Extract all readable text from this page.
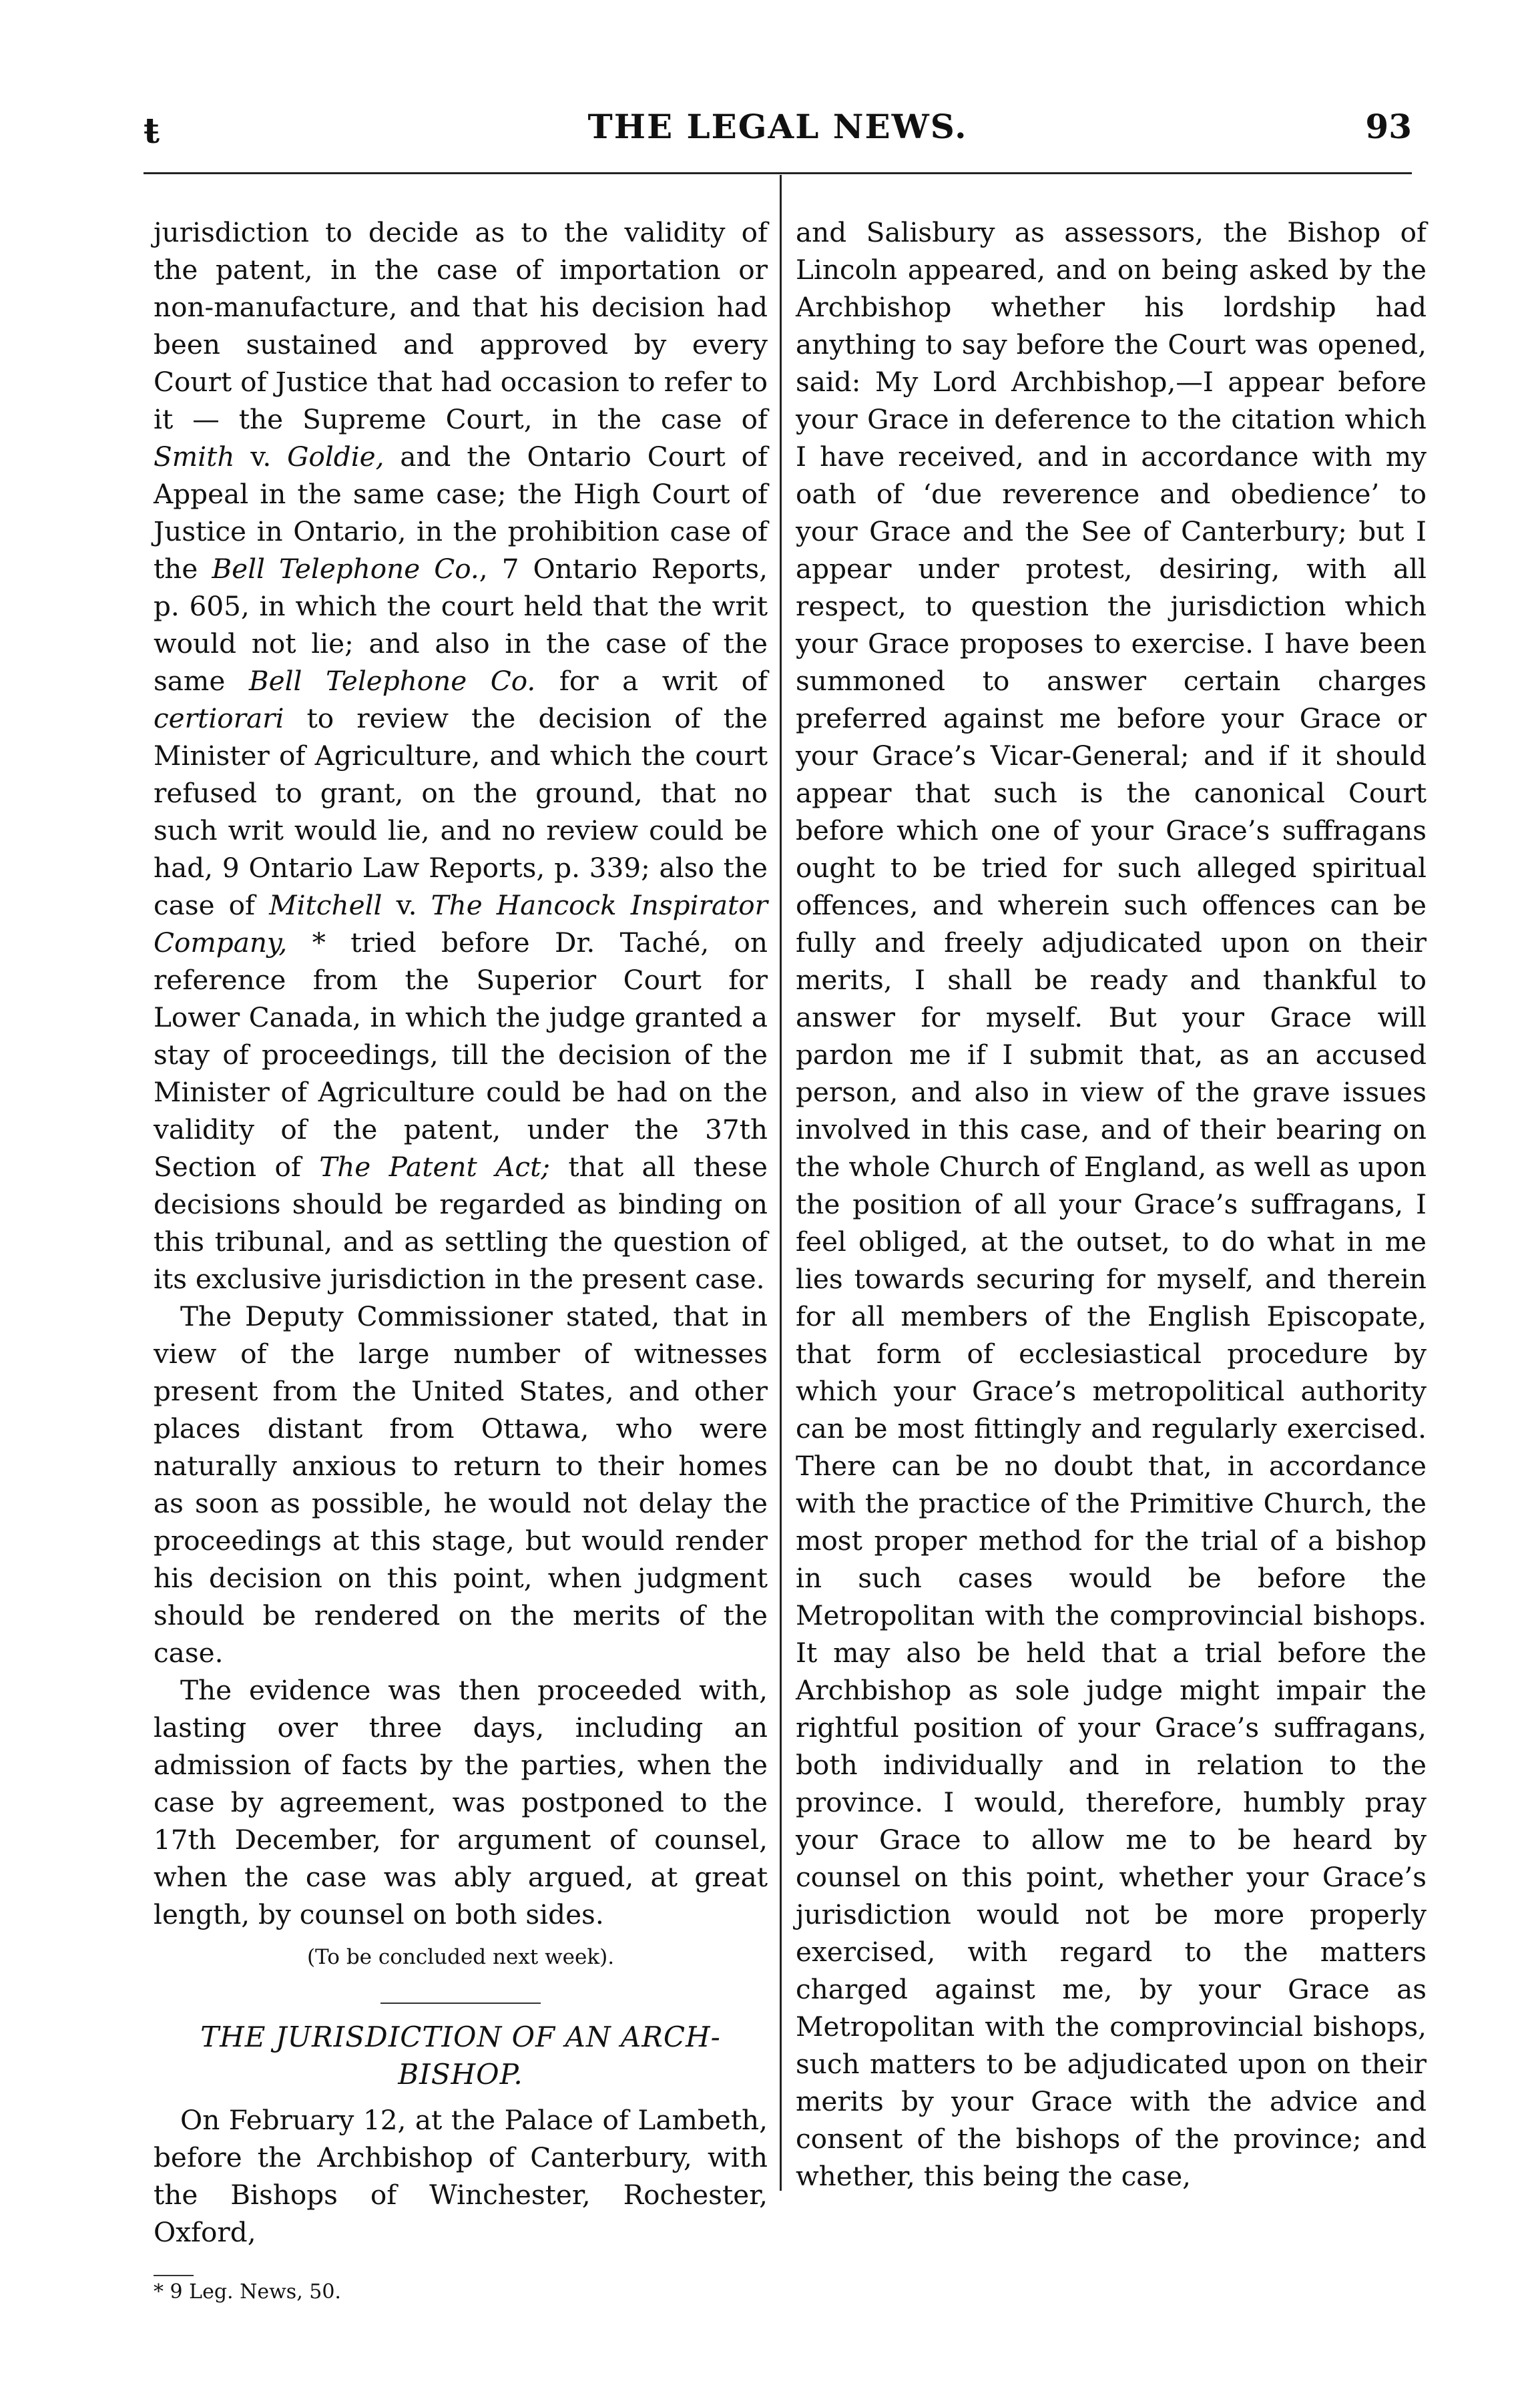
ŧ	THE LEGAL NEWS.	93

jurisdiction to decide as to the validity of the patent, in the case of importation or non-manufacture, and that his decision had been sustained and approved by every Court of Justice that had occasion to refer to it — the Supreme Court, in the case of Smith v. Goldie, and the Ontario Court of Appeal in the same case; the High Court of Justice in Ontario, in the prohibition case of the Bell Telephone Co., 7 Ontario Reports, p. 605, in which the court held that the writ would not lie; and also in the case of the same Bell Telephone Co. for a writ of certiorari to review the decision of the Minister of Agriculture, and which the court refused to grant, on the ground, that no such writ would lie, and no review could be had, 9 Ontario Law Reports, p. 339; also the case of Mitchell v. The Hancock Inspirator Company, * tried before Dr. Taché, on reference from the Superior Court for Lower Canada, in which the judge granted a stay of proceedings, till the decision of the Minister of Agriculture could be had on the validity of the patent, under the 37th Section of The Patent Act; that all these decisions should be regarded as binding on this tribunal, and as settling the question of its exclusive jurisdiction in the present case.

The Deputy Commissioner stated, that in view of the large number of witnesses present from the United States, and other places distant from Ottawa, who were naturally anxious to return to their homes as soon as possible, he would not delay the proceedings at this stage, but would render his decision on this point, when judgment should be rendered on the merits of the case.

The evidence was then proceeded with, lasting over three days, including an admission of facts by the parties, when the case by agreement, was postponed to the 17th December, for argument of counsel, when the case was ably argued, at great length, by counsel on both sides.

(To be concluded next week).

THE JURISDICTION OF AN ARCH-BISHOP.

On February 12, at the Palace of Lambeth, before the Archbishop of Canterbury, with the Bishops of Winchester, Rochester, Oxford,

* 9 Leg. News, 50.

and Salisbury as assessors, the Bishop of Lincoln appeared, and on being asked by the Archbishop whether his lordship had anything to say before the Court was opened, said: My Lord Archbishop,—I appear before your Grace in deference to the citation which I have received, and in accordance with my oath of ‘due reverence and obedience’ to your Grace and the See of Canterbury; but I appear under protest, desiring, with all respect, to question the jurisdiction which your Grace proposes to exercise. I have been summoned to answer certain charges preferred against me before your Grace or your Grace’s Vicar-General; and if it should appear that such is the canonical Court before which one of your Grace’s suffragans ought to be tried for such alleged spiritual offences, and wherein such offences can be fully and freely adjudicated upon on their merits, I shall be ready and thankful to answer for myself. But your Grace will pardon me if I submit that, as an accused person, and also in view of the grave issues involved in this case, and of their bearing on the whole Church of England, as well as upon the position of all your Grace’s suffragans, I feel obliged, at the outset, to do what in me lies towards securing for myself, and therein for all members of the English Episcopate, that form of ecclesiastical procedure by which your Grace’s metropolitical authority can be most fittingly and regularly exercised. There can be no doubt that, in accordance with the practice of the Primitive Church, the most proper method for the trial of a bishop in such cases would be before the Metropolitan with the comprovincial bishops. It may also be held that a trial before the Archbishop as sole judge might impair the rightful position of your Grace’s suffragans, both individually and in relation to the province. I would, therefore, humbly pray your Grace to allow me to be heard by counsel on this point, whether your Grace’s jurisdiction would not be more properly exercised, with regard to the matters charged against me, by your Grace as Metropolitan with the comprovincial bishops, such matters to be adjudicated upon on their merits by your Grace with the advice and consent of the bishops of the province; and whether, this being the case,
